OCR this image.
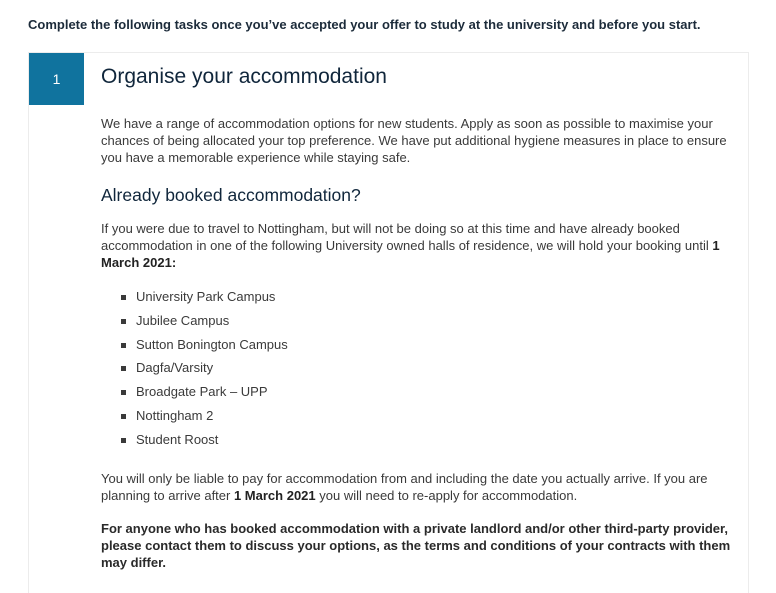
Complete the following tasks once you’ve accepted your offer to study at the university and before you start.
1	Organise your accommodation

We have a range of accommodation options for new students. Apply as soon as possible to maximise your chances of being allocated your top preference. We have put additional hygiene measures in place to ensure you have a memorable experience while staying safe.

Already booked accommodation?

If you were due to travel to Nottingham, but will not be doing so at this time and have already booked accommodation in one of the following University owned halls of residence, we will hold your booking until 1 March 2021:

University Park Campus
Jubilee Campus
Sutton Bonington Campus
Dagfa/Varsity
Broadgate Park – UPP
Nottingham 2
Student Roost

You will only be liable to pay for accommodation from and including the date you actually arrive. If you are planning to arrive after 1 March 2021 you will need to re-apply for accommodation.

For anyone who has booked accommodation with a private landlord and/or other third-party provider, please contact them to discuss your options, as the terms and conditions of your contracts with them may differ.
